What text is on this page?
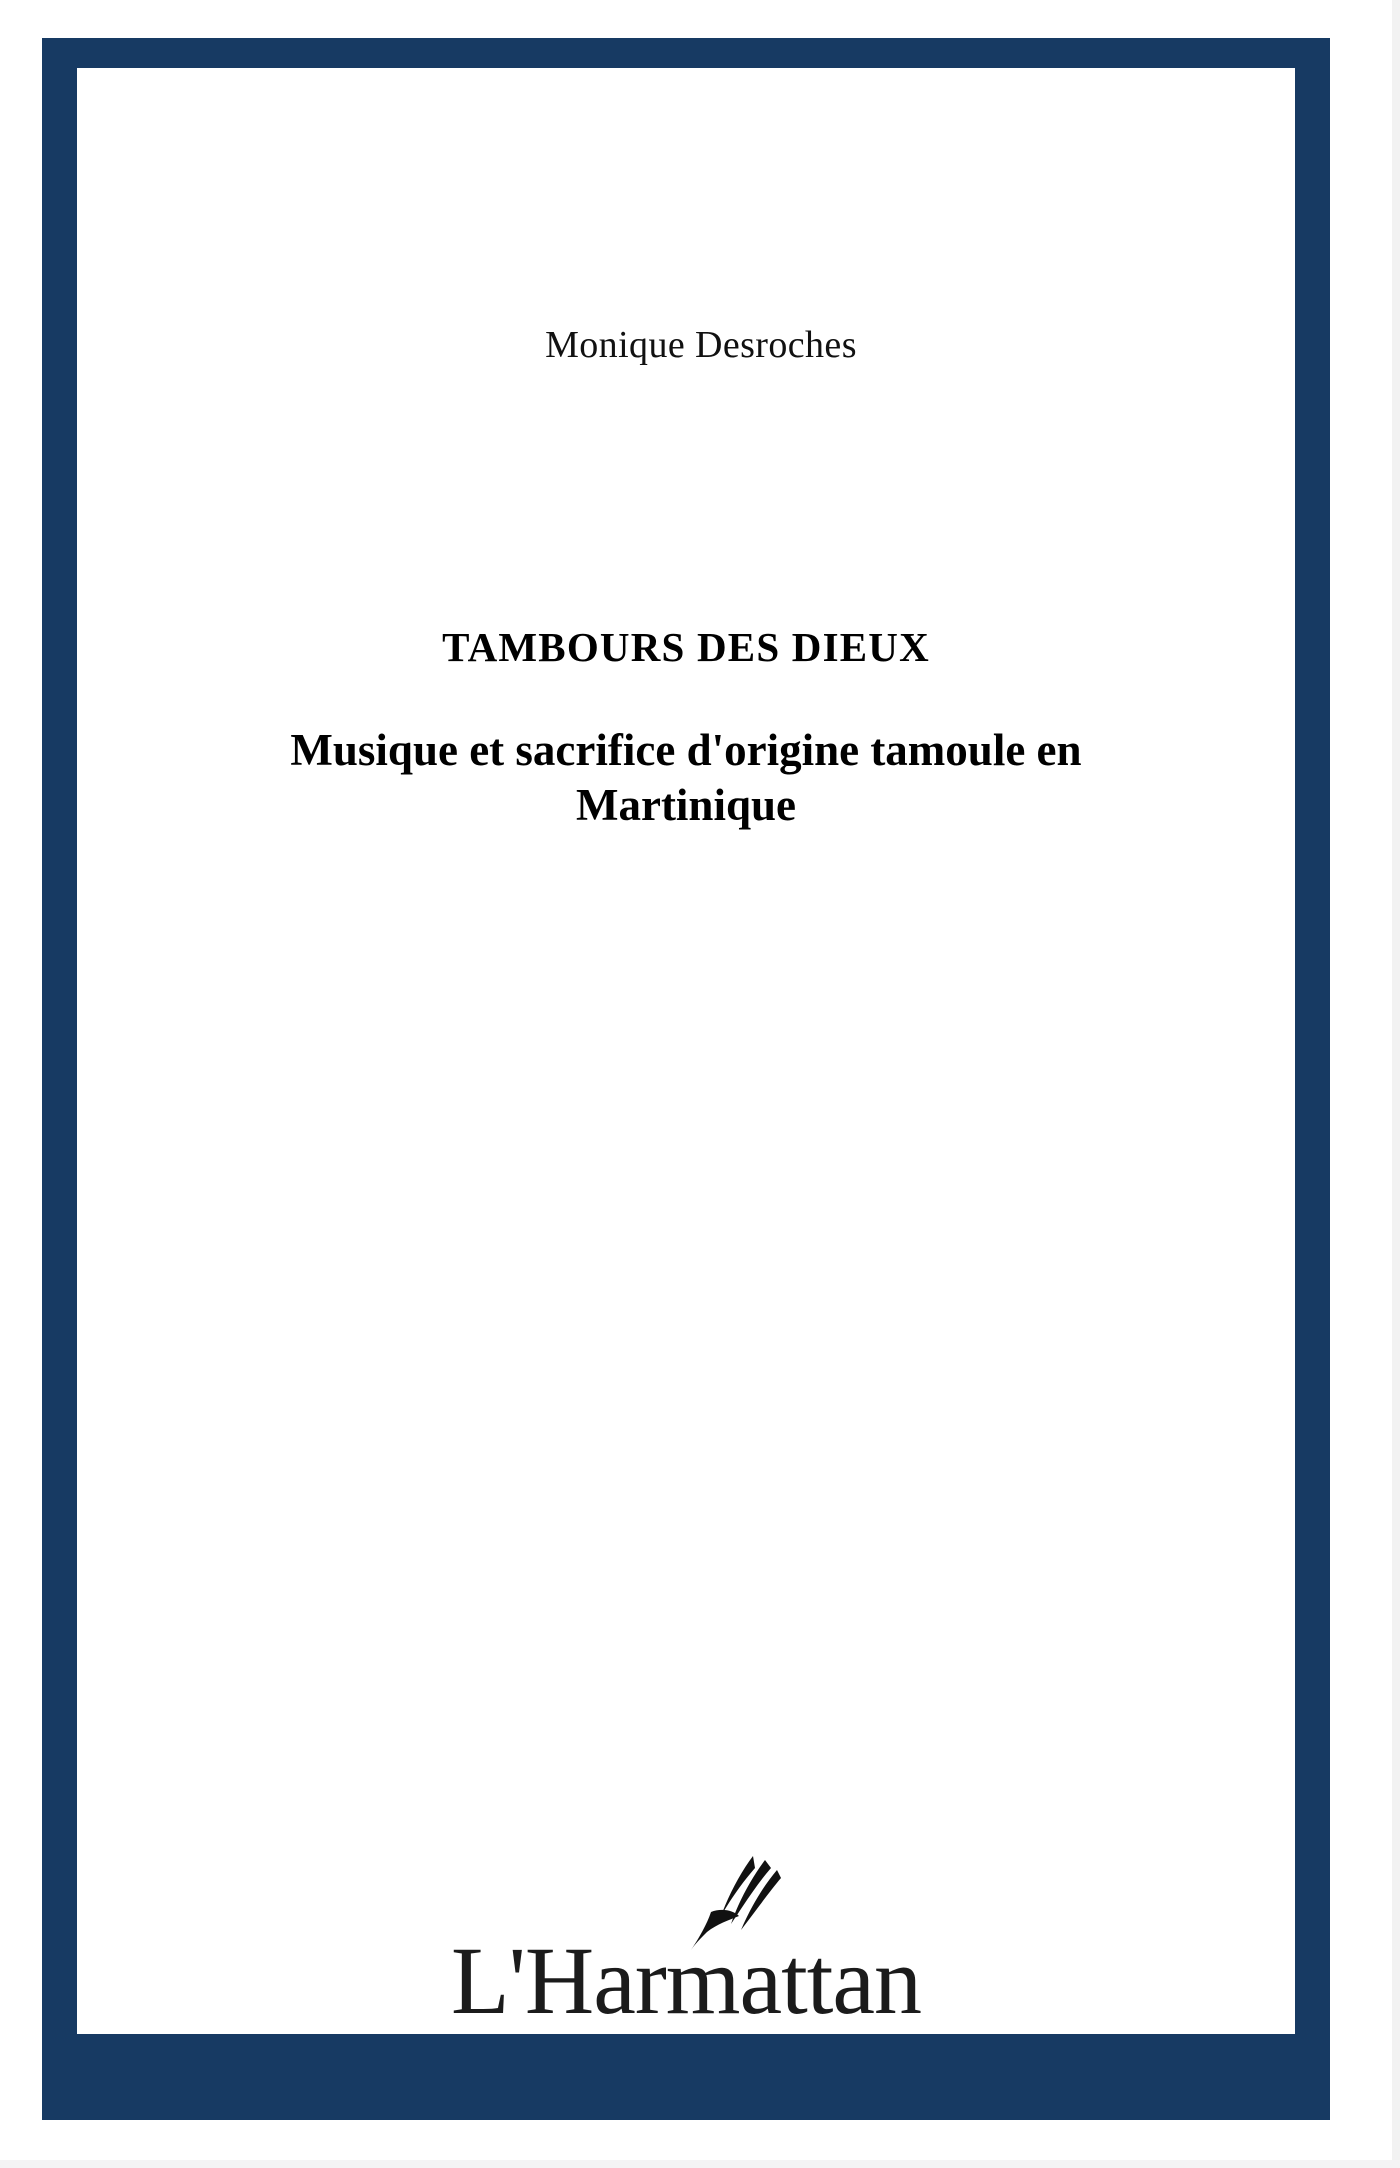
Monique Desroches
TAMBOURS DES DIEUX
Musique et sacrifice d'origine tamoule en Martinique
L'Harmattan
